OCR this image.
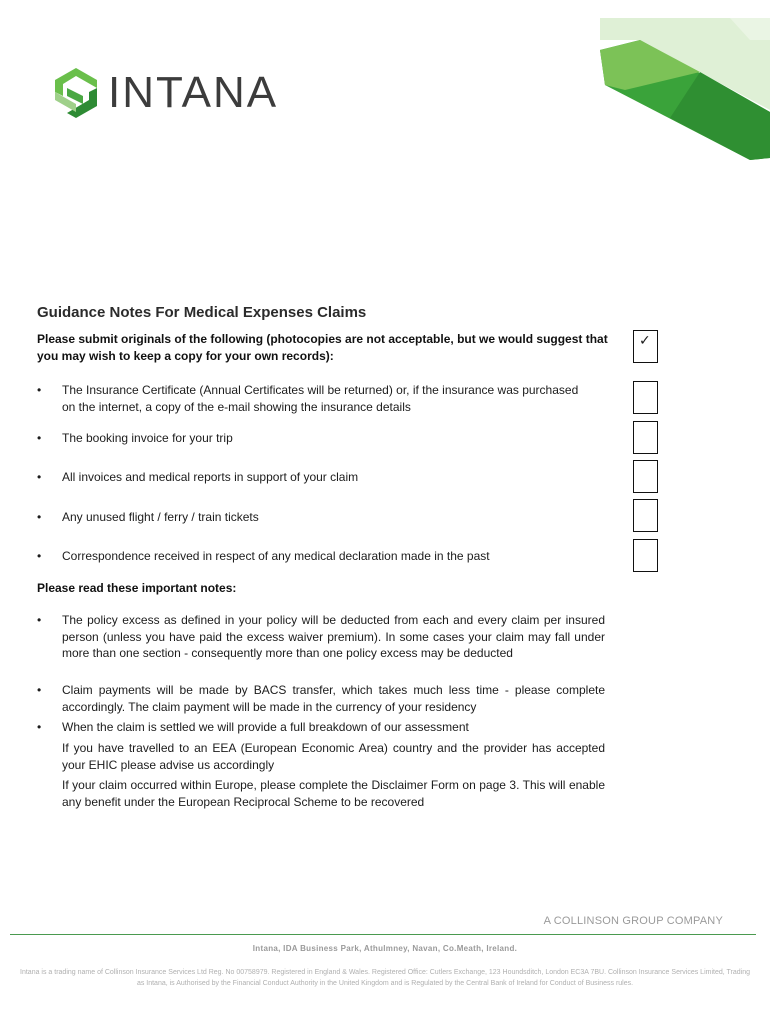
INTANA
Guidance Notes For Medical Expenses Claims
Please submit originals of the following (photocopies are not acceptable, but we would suggest that you may wish to keep a copy for your own records):
✓
• The Insurance Certificate (Annual Certificates will be returned) or, if the insurance was purchased on the internet, a copy of the e-mail showing the insurance details
• The booking invoice for your trip
• All invoices and medical reports in support of your claim
• Any unused flight / ferry / train tickets
• Correspondence received in respect of any medical declaration made in the past
Please read these important notes:
• The policy excess as defined in your policy will be deducted from each and every claim per insured person (unless you have paid the excess waiver premium). In some cases your claim may fall under more than one section - consequently more than one policy excess may be deducted
• Claim payments will be made by BACS transfer, which takes much less time - please complete accordingly. The claim payment will be made in the currency of your residency
• When the claim is settled we will provide a full breakdown of our assessment
If you have travelled to an EEA (European Economic Area) country and the provider has accepted your EHIC please advise us accordingly
If your claim occurred within Europe, please complete the Disclaimer Form on page 3. This will enable any benefit under the European Reciprocal Scheme to be recovered
A COLLINSON GROUP COMPANY
Intana, IDA Business Park, Athulmney, Navan, Co.Meath, Ireland.
Intana is a trading name of Collinson Insurance Services Ltd Reg. No 00758979. Registered in England & Wales. Registered Office: Cutlers Exchange, 123 Houndsditch, London EC3A 7BU. Collinson Insurance Services Limited, Trading as Intana, is Authorised by the Financial Conduct Authority in the United Kingdom and is Regulated by the Central Bank of Ireland for Conduct of Business rules.
